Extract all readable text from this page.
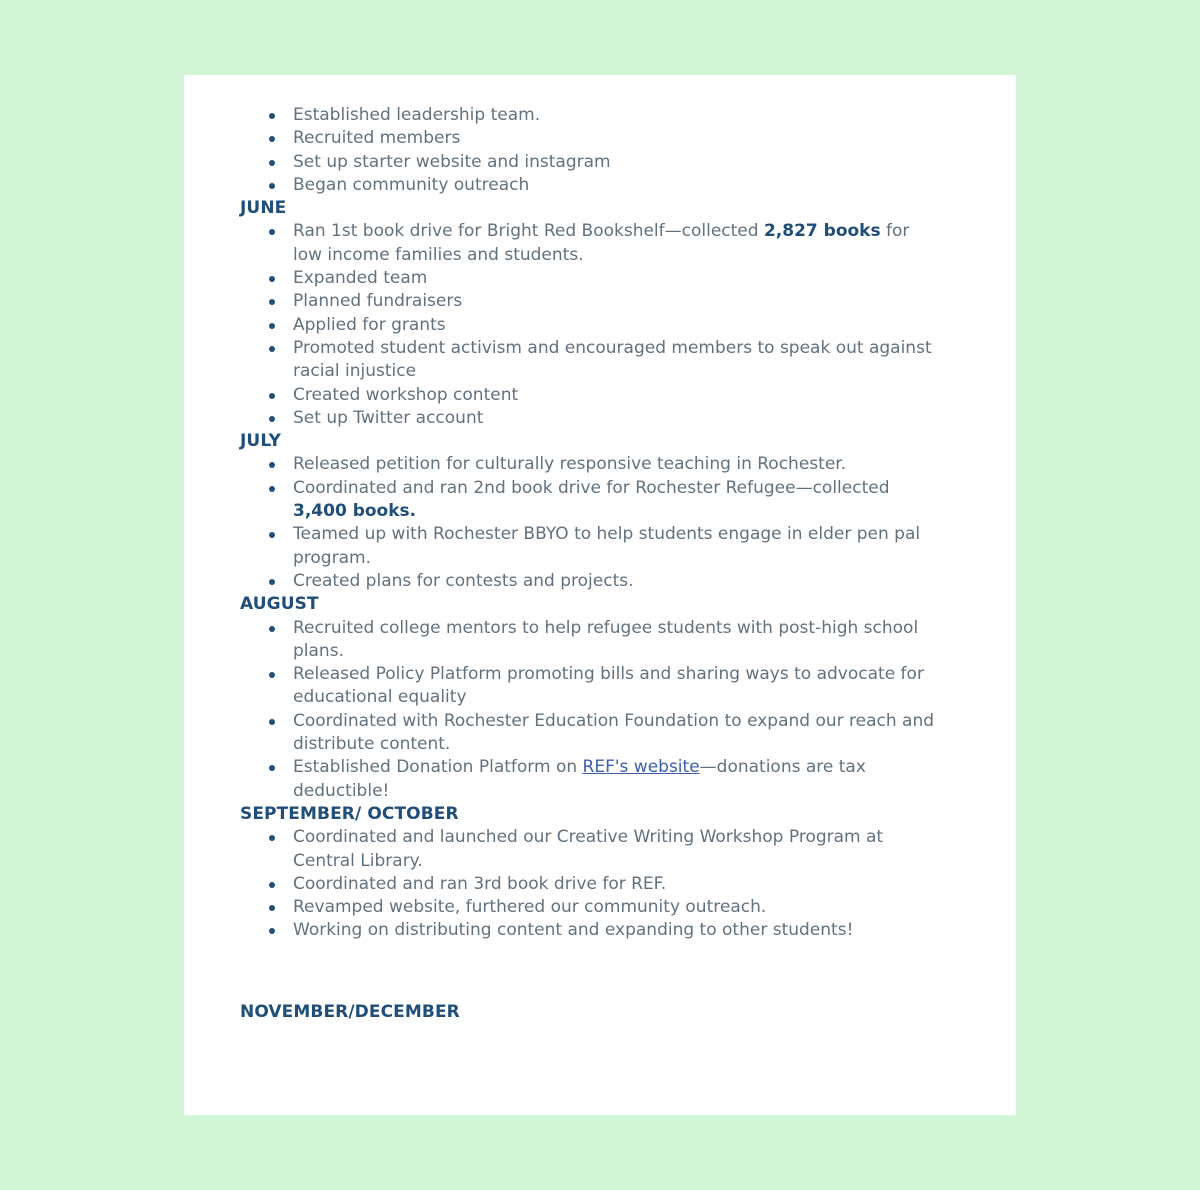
Established leadership team.
Recruited members
Set up starter website and instagram
Began community outreach
JUNE
Ran 1st book drive for Bright Red Bookshelf—collected 2,827 books for low income families and students.
Expanded team
Planned fundraisers
Applied for grants
Promoted student activism and encouraged members to speak out against racial injustice
Created workshop content
Set up Twitter account
JULY
Released petition for culturally responsive teaching in Rochester.
Coordinated and ran 2nd book drive for Rochester Refugee—collected 3,400 books.
Teamed up with Rochester BBYO to help students engage in elder pen pal program.
Created plans for contests and projects.
AUGUST
Recruited college mentors to help refugee students with post-high school plans.
Released Policy Platform promoting bills and sharing ways to advocate for educational equality
Coordinated with Rochester Education Foundation to expand our reach and distribute content.
Established Donation Platform on REF's website—donations are tax deductible!
SEPTEMBER/ OCTOBER
Coordinated and launched our Creative Writing Workshop Program at Central Library.
Coordinated and ran 3rd book drive for REF.
Revamped website, furthered our community outreach.
Working on distributing content and expanding to other students!
NOVEMBER/DECEMBER
